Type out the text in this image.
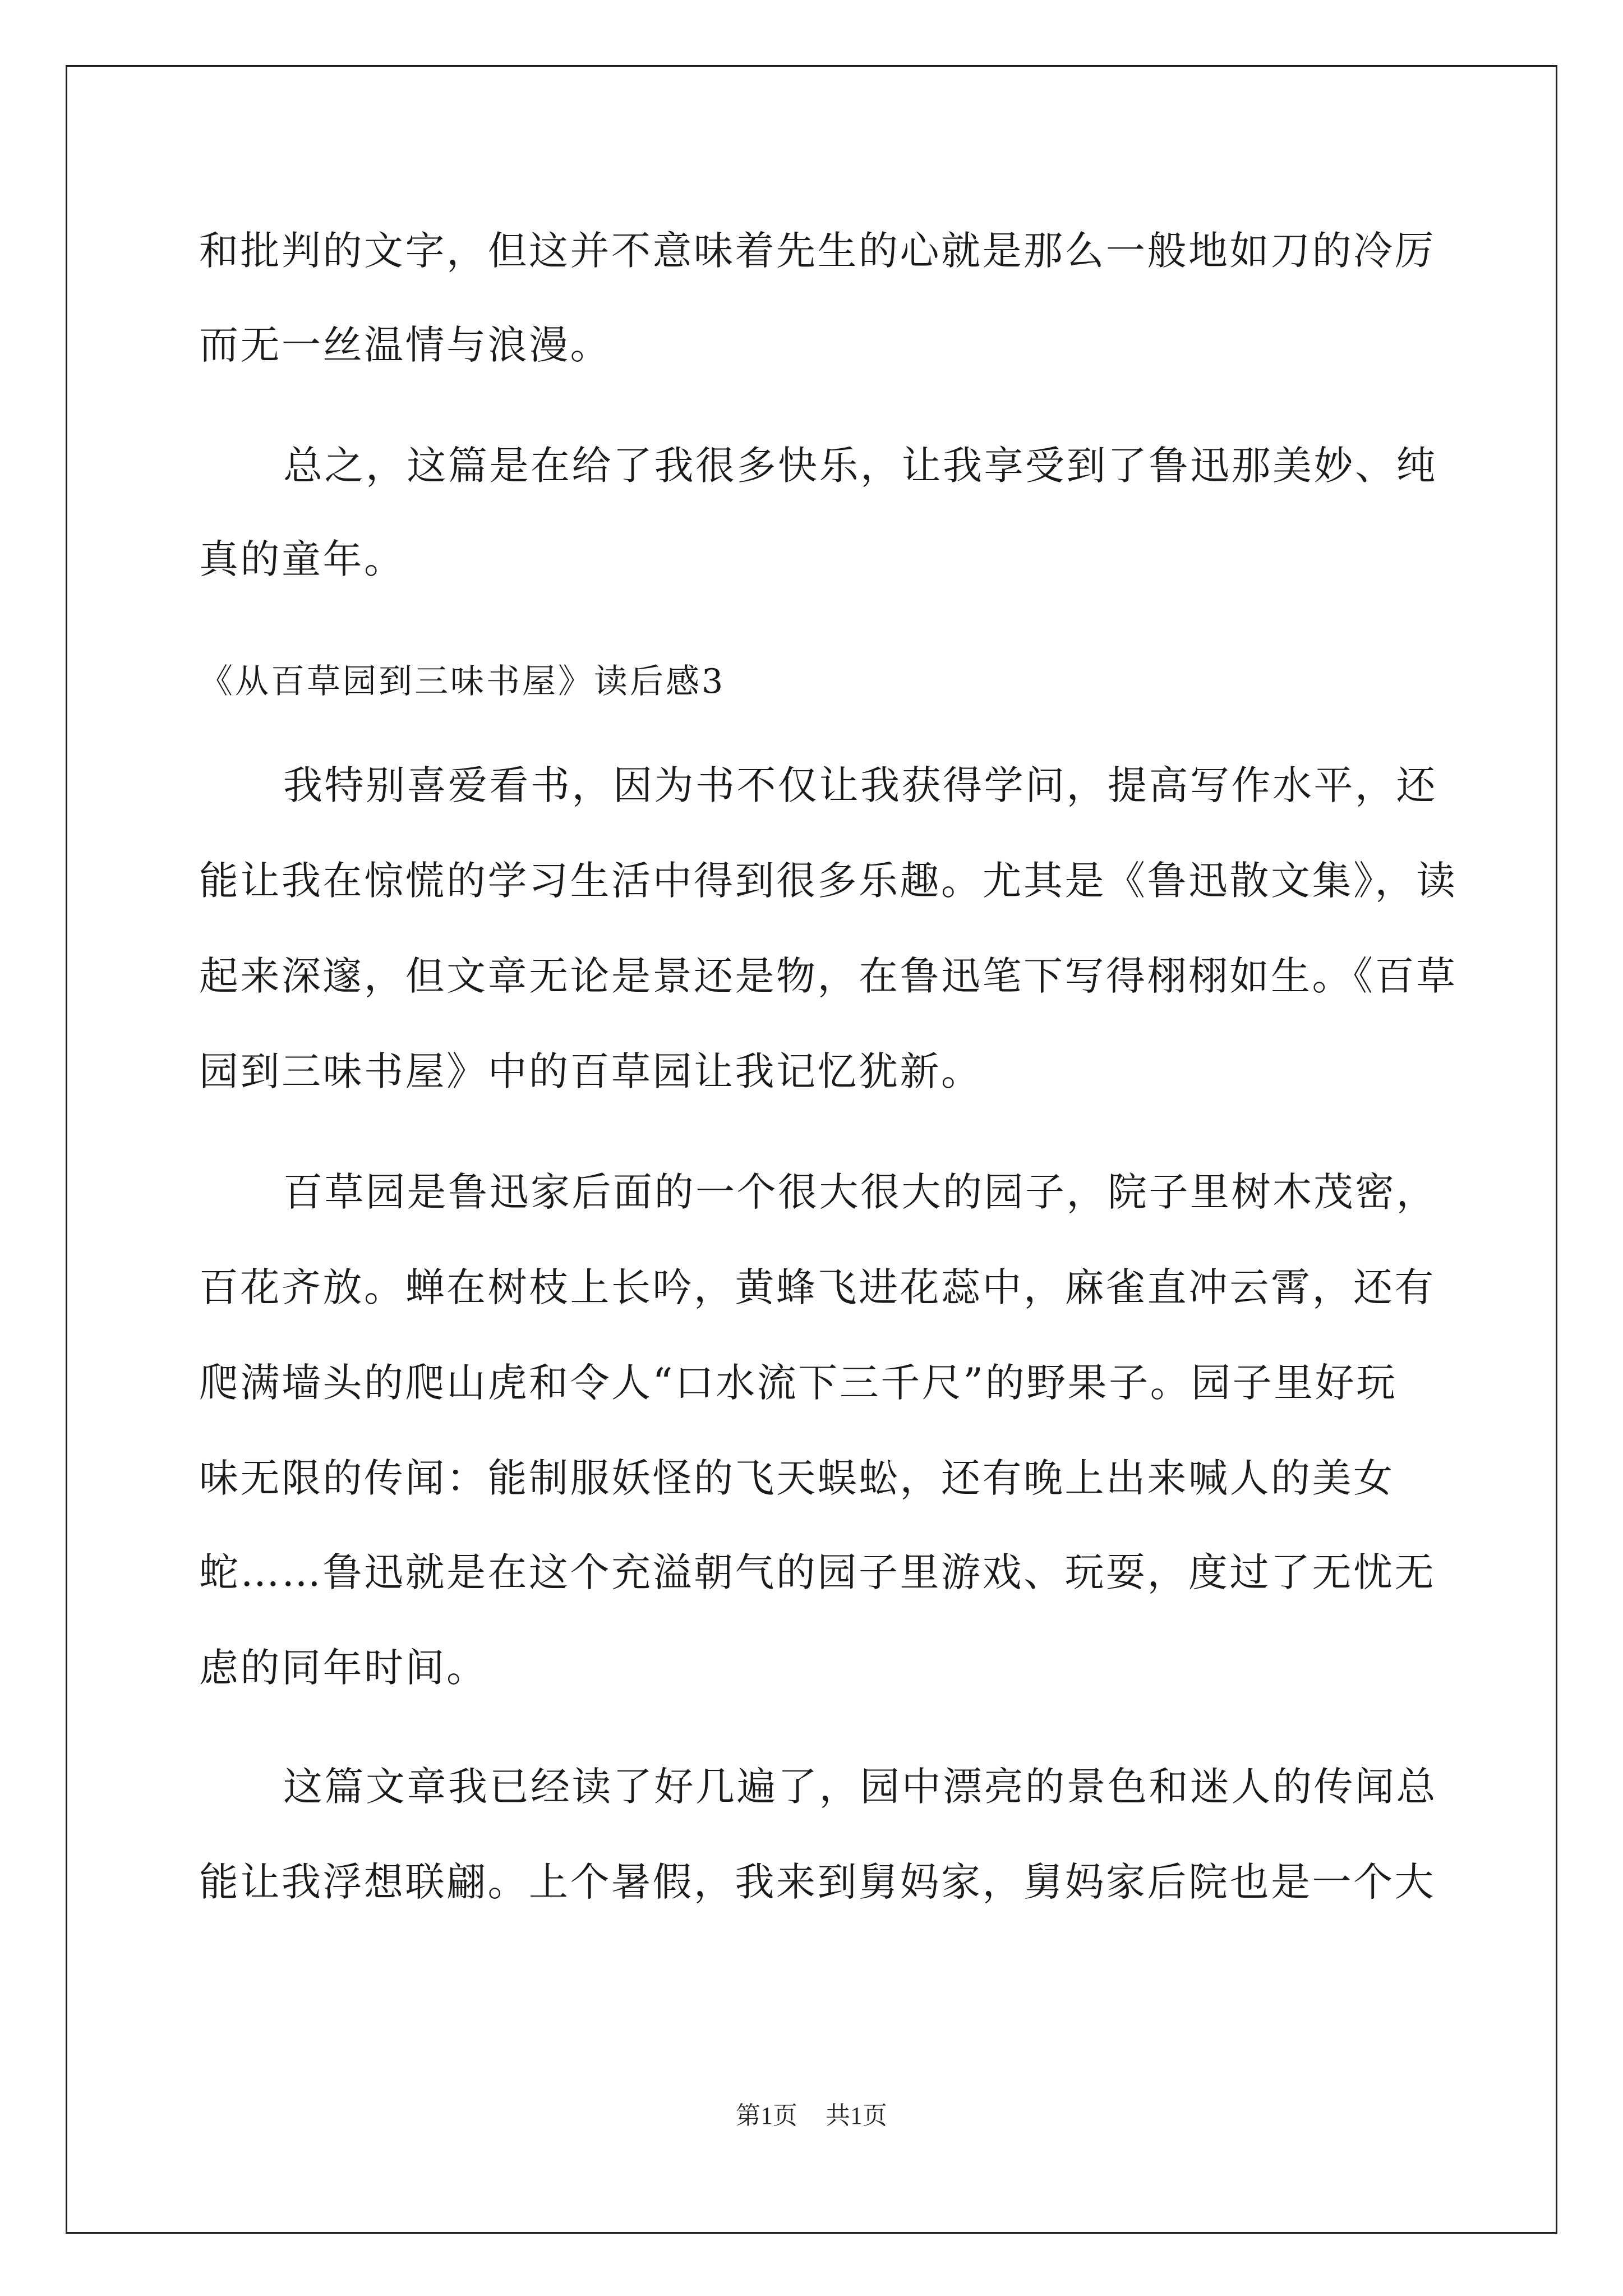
和批判的文字，但这并不意味着先生的心就是那么一般地如刀的冷厉
而无一丝温情与浪漫。
总之，这篇是在给了我很多快乐，让我享受到了鲁迅那美妙、纯
真的童年。
《从百草园到三味书屋》读后感3
我特别喜爱看书，因为书不仅让我获得学问，提高写作水平，还
能让我在惊慌的学习生活中得到很多乐趣。尤其是《鲁迅散文集》，读
起来深邃，但文章无论是景还是物，在鲁迅笔下写得栩栩如生。《百草
园到三味书屋》中的百草园让我记忆犹新。
百草园是鲁迅家后面的一个很大很大的园子，院子里树木茂密，
百花齐放。蝉在树枝上长吟，黄蜂飞进花蕊中，麻雀直冲云霄，还有
爬满墙头的爬山虎和令人“口水流下三千尺”的野果子。园子里好玩
味无限的传闻：能制服妖怪的飞天蜈蚣，还有晚上出来喊人的美女
蛇……鲁迅就是在这个充溢朝气的园子里游戏、玩耍，度过了无忧无
虑的同年时间。
这篇文章我已经读了好几遍了，园中漂亮的景色和迷人的传闻总
能让我浮想联翩。上个暑假，我来到舅妈家，舅妈家后院也是一个大
第1页 共1页
